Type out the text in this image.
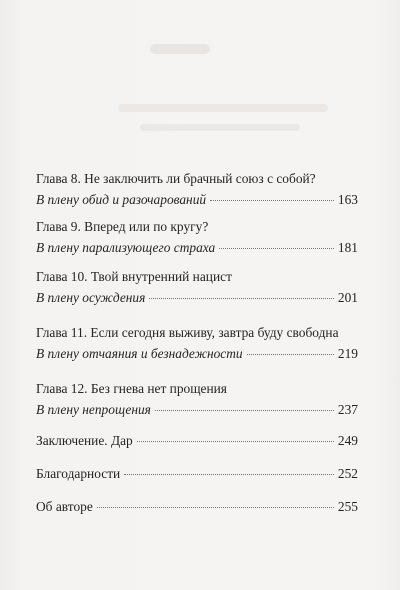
Глава 8. Не заключить ли брачный союз с собой?
В плену обид и разочарований	163
Глава 9. Вперед или по кругу?
В плену парализующего страха	181
Глава 10. Твой внутренний нацист
В плену осуждения	201
Глава 11. Если сегодня выживу, завтра буду свободна
В плену отчаяния и безнадежности	219
Глава 12. Без гнева нет прощения
В плену непрощения	237
Заключение. Дар	249
Благодарности	252
Об авторе	255
